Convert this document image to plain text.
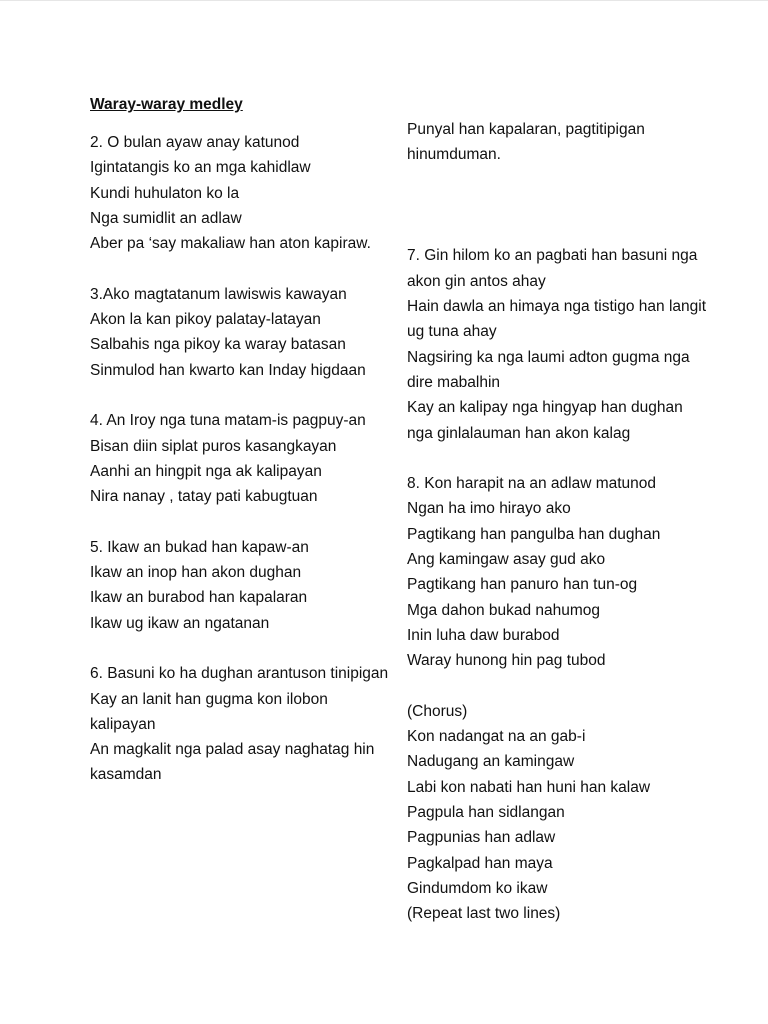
Waray-waray medley
2. O bulan ayaw anay katunod
Igintatangis ko an mga kahidlaw
Kundi huhulaton ko la
Nga sumidlit an adlaw
Aber pa ‘say makaliaw han aton kapiraw.
3.Ako magtatanum lawiswis kawayan
Akon la kan pikoy palatay-latayan
Salbahis nga pikoy ka waray batasan
Sinmulod han kwarto kan Inday higdaan
4. An Iroy nga tuna matam-is pagpuy-an
Bisan diin siplat puros kasangkayan
Aanhi an hingpit nga ak kalipayan
Nira nanay , tatay pati kabugtuan
5. Ikaw an bukad han kapaw-an
Ikaw an inop han akon dughan
Ikaw an burabod han kapalaran
Ikaw ug ikaw an ngatanan
6. Basuni ko ha dughan arantuson tinipigan
Kay an lanit han gugma kon ilobon kalipayan
An magkalit nga palad asay naghatag hin kasamdan
Punyal han kapalaran, pagtitipigan hinumduman.

7. Gin hilom ko an pagbati han basuni nga akon gin antos ahay
Hain dawla an himaya nga tistigo han langit ug tuna ahay
Nagsiring ka nga laumi adton gugma nga dire mabalhin
Kay an kalipay nga hingyap han dughan nga ginlalauman han akon kalag
8. Kon harapit na an adlaw matunod
Ngan ha imo hirayo ako
Pagtikang han pangulba han dughan
Ang kamingaw asay gud ako
Pagtikang han panuro han tun-og
Mga dahon bukad nahumog
Inin luha daw burabod
Waray hunong hin pag tubod
(Chorus)
Kon nadangat na an gab-i
Nadugang an kamingaw
Labi kon nabati han huni han kalaw
Pagpula han sidlangan
Pagpunias han adlaw
Pagkalpad han maya
Gindumdom ko ikaw
(Repeat last two lines)
